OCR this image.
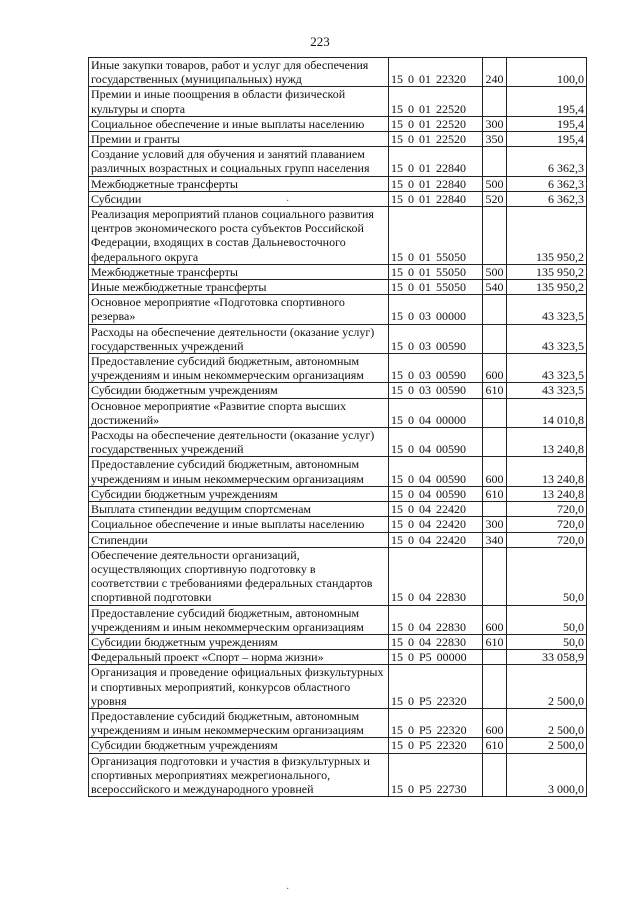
223
Иные закупки товаров, работ и услуг для обеспечения государственных (муниципальных) нужд	15 0 01 22320	240	100,0
Премии и иные поощрения в области физической культуры и спорта	15 0 01 22520		195,4
Социальное обеспечение и иные выплаты населению	15 0 01 22520	300	195,4
Премии и гранты	15 0 01 22520	350	195,4
Создание условий для обучения и занятий плаванием различных возрастных и социальных групп населения	15 0 01 22840		6 362,3
Межбюджетные трансферты	15 0 01 22840	500	6 362,3
Субсидии	15 0 01 22840	520	6 362,3
Реализация мероприятий планов социального развития центров экономического роста субъектов Российской Федерации, входящих в состав Дальневосточного федерального округа	15 0 01 55050		135 950,2
Межбюджетные трансферты	15 0 01 55050	500	135 950,2
Иные межбюджетные трансферты	15 0 01 55050	540	135 950,2
Основное мероприятие «Подготовка спортивного резерва»	15 0 03 00000		43 323,5
Расходы на обеспечение деятельности (оказание услуг) государственных учреждений	15 0 03 00590		43 323,5
Предоставление субсидий бюджетным, автономным учреждениям и иным некоммерческим организациям	15 0 03 00590	600	43 323,5
Субсидии бюджетным учреждениям	15 0 03 00590	610	43 323,5
Основное мероприятие «Развитие спорта высших достижений»	15 0 04 00000		14 010,8
Расходы на обеспечение деятельности (оказание услуг) государственных учреждений	15 0 04 00590		13 240,8
Предоставление субсидий бюджетным, автономным учреждениям и иным некоммерческим организациям	15 0 04 00590	600	13 240,8
Субсидии бюджетным учреждениям	15 0 04 00590	610	13 240,8
Выплата стипендии ведущим спортсменам	15 0 04 22420		720,0
Социальное обеспечение и иные выплаты населению	15 0 04 22420	300	720,0
Стипендии	15 0 04 22420	340	720,0
Обеспечение деятельности организаций, осуществляющих спортивную подготовку в соответствии с требованиями федеральных стандартов спортивной подготовки	15 0 04 22830		50,0
Предоставление субсидий бюджетным, автономным учреждениям и иным некоммерческим организациям	15 0 04 22830	600	50,0
Субсидии бюджетным учреждениям	15 0 04 22830	610	50,0
Федеральный проект «Спорт – норма жизни»	15 0 P5 00000		33 058,9
Организация и проведение официальных физкультурных и спортивных мероприятий, конкурсов областного уровня	15 0 P5 22320		2 500,0
Предоставление субсидий бюджетным, автономным учреждениям и иным некоммерческим организациям	15 0 P5 22320	600	2 500,0
Субсидии бюджетным учреждениям	15 0 P5 22320	610	2 500,0
Организация подготовки и участия в физкультурных и спортивных мероприятиях межрегионального, всероссийского и международного уровней	15 0 P5 22730		3 000,0
·
·
